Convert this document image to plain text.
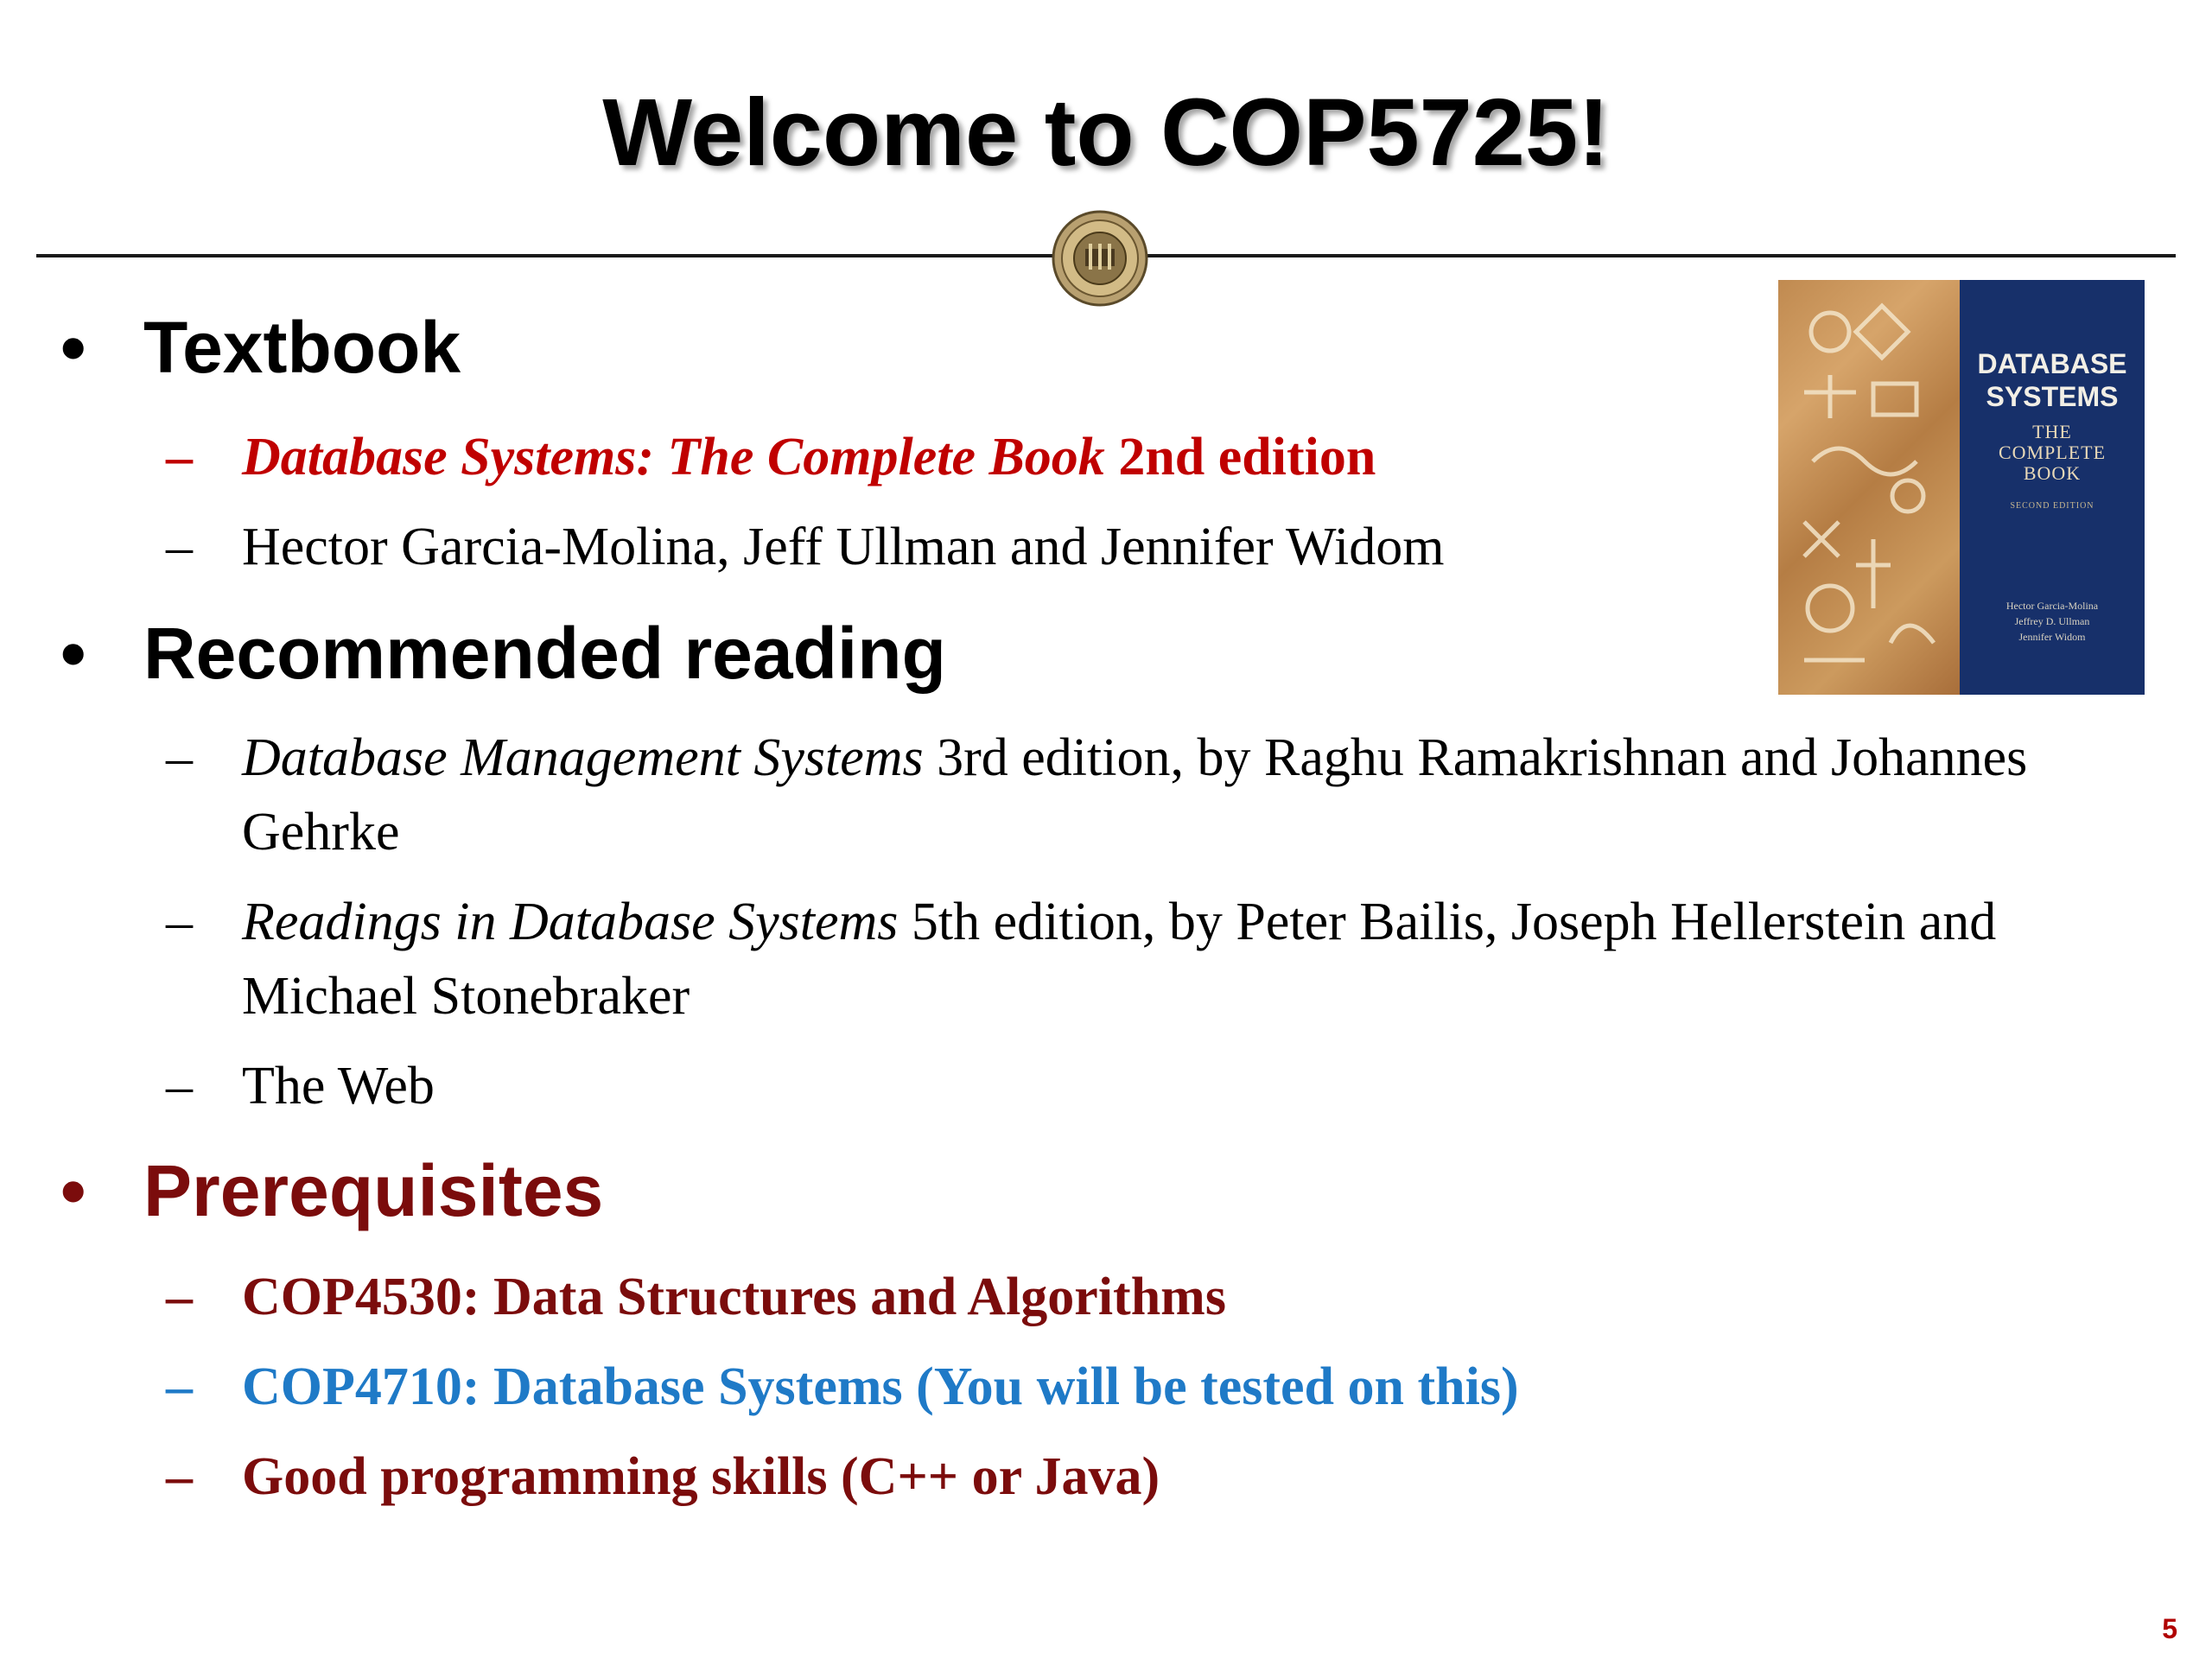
Welcome to COP5725!
• Textbook
– Database Systems: The Complete Book 2nd edition
– Hector Garcia-Molina, Jeff Ullman and Jennifer Widom
• Recommended reading
– Database Management Systems 3rd edition, by Raghu Ramakrishnan and Johannes
Gehrke
– Readings in Database Systems 5th edition, by Peter Bailis, Joseph Hellerstein and
Michael Stonebraker
– The Web
• Prerequisites
– COP4530: Data Structures and Algorithms
– COP4710: Database Systems (You will be tested on this)
– Good programming skills (C++ or Java)
DATABASE
SYSTEMS
THE
COMPLETE
BOOK
SECOND EDITION
Hector Garcia-Molina
Jeffrey D. Ullman
Jennifer Widom
5
